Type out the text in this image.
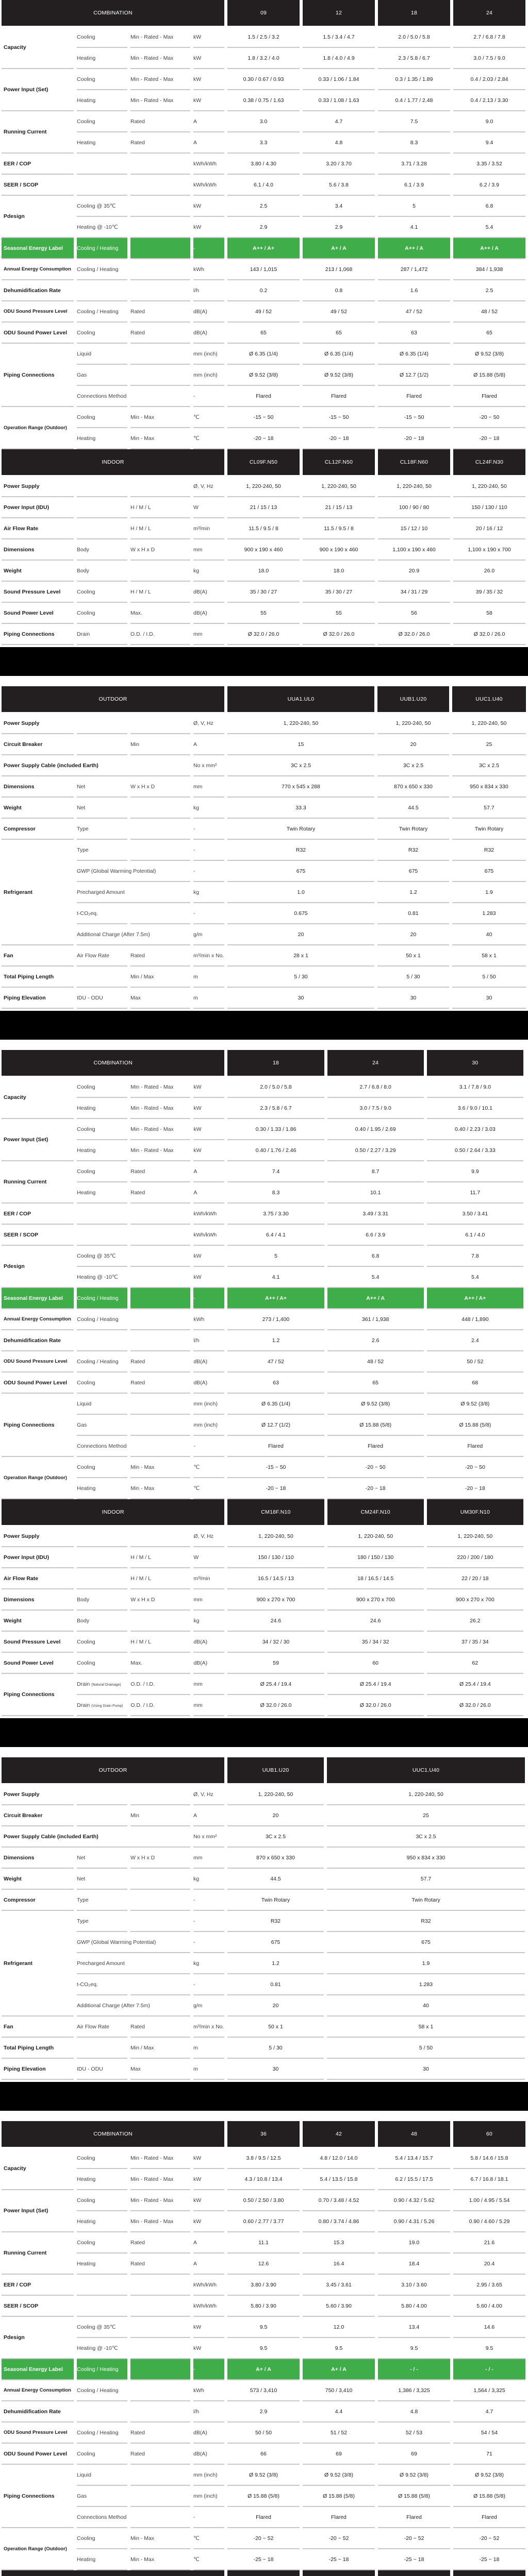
COMBINATION				09	12	18	24
Capacity	Cooling	Min - Rated - Max	kW	1.5 / 2.5 / 3.2	1.5 / 3.4 / 4.7	2.0 / 5.0 / 5.8	2.7 / 6.8 / 7.8
	Heating	Min - Rated - Max	kW	1.8 / 3.2 / 4.0	1.8 / 4.0 / 4.9	2.3 / 5.8 / 6.7	3.0 / 7.5 / 9.0
Power Input (Set)	Cooling	Min - Rated - Max	kW	0.30 / 0.67 / 0.93	0.33 / 1.06 / 1.84	0.3 / 1.35 / 1.89	0.4 / 2.03 / 2.84
	Heating	Min - Rated - Max	kW	0.38 / 0.75 / 1.63	0.33 / 1.08 / 1.63	0.4 / 1.77 / 2.48	0.4 / 2.13 / 3.30
Running Current	Cooling	Rated	A	3.0	4.7	7.5	9.0
	Heating	Rated	A	3.3	4.8	8.3	9.4
EER / COP			kWh/kWh	3.80 / 4.30	3.20 / 3.70	3.71 / 3.28	3.35 / 3.52
SEER / SCOP			kWh/kWh	6.1 / 4.0	5.6 / 3.8	6.1 / 3.9	6.2 / 3.9
Pdesign	Cooling @ 35℃		kW	2.5	3.4	5	6.8
	Heating @ -10℃		kW	2.9	2.9	4.1	5.4
Seasonal Energy Label	Cooling / Heating		-	A++ / A+	A+ / A	A++ / A	A++ / A
Annual Energy Consumption	Cooling / Heating		kWh	143 / 1,015	213 / 1,068	287 / 1,472	384 / 1,938
Dehumidification Rate			l/h	0.2	0.8	1.6	2.5
ODU Sound Pressure Level	Cooling / Heating	Rated	dB(A)	49 / 52	49 / 52	47 / 52	48 / 52
ODU Sound Power Level	Cooling	Rated	dB(A)	65	65	63	65
Piping Connections	Liquid		mm (inch)	Ø 6.35 (1/4)	Ø 6.35 (1/4)	Ø 6.35 (1/4)	Ø 9.52 (3/8)
	Gas		mm (inch)	Ø 9.52 (3/8)	Ø 9.52 (3/8)	Ø 12.7 (1/2)	Ø 15.88 (5/8)
	Connections Method		-	Flared	Flared	Flared	Flared
Operation Range (Outdoor)	Cooling	Min - Max	℃	-15 ~ 50	-15 ~ 50	-15 ~ 50	-20 ~ 50
	Heating	Min - Max	℃	-20 ~ 18	-20 ~ 18	-20 ~ 18	-20 ~ 18
INDOOR				CL09F.N50	CL12F.N50	CL18F.N60	CL24F.N30
Power Supply			Ø, V, Hz	1, 220-240, 50	1, 220-240, 50	1, 220-240, 50	1, 220-240, 50
Power Input (IDU)		H / M / L	W	21 / 15 / 13	21 / 15 / 13	100 / 90 / 80	150 / 130 / 110
Air Flow Rate		H / M / L	m³/min	11.5 / 9.5 / 8	11.5 / 9.5 / 8	15 / 12 / 10	20 / 16 / 12
Dimensions	Body	W x H x D	mm	900 x 190 x 460	900 x 190 x 460	1,100 x 190 x 460	1,100 x 190 x 700
Weight	Body		kg	18.0	18.0	20.9	26.0
Sound Pressure Level	Cooling	H / M / L	dB(A)	35 / 30 / 27	35 / 30 / 27	34 / 31 / 29	39 / 35 / 32
Sound Power Level	Cooling	Max.	dB(A)	55	55	56	58
Piping Connections	Drain	O.D. / I.D.	mm	Ø 32.0 / 26.0	Ø 32.0 / 26.0	Ø 32.0 / 26.0	Ø 32.0 / 26.0
OUTDOOR				UUA1.UL0	UUB1.U20	UUC1.U40
Power Supply			Ø, V, Hz	1, 220-240, 50	1, 220-240, 50	1, 220-240, 50
Circuit Breaker		Min	A	15	20	25
Power Supply Cable (included Earth)			No x mm²	3C x 2.5	3C x 2.5	3C x 2.5
Dimensions	Net	W x H x D	mm	770 x 545 x 288	870 x 650 x 330	950 x 834 x 330
Weight	Net		kg	33.3	44.5	57.7
Compressor	Type		-	Twin Rotary	Twin Rotary	Twin Rotary
Refrigerant	Type		-	R32	R32	R32
	GWP (Global Warming Potential)		-	675	675	675
	Precharged Amount		kg	1.0	1.2	1.9
	t-CO₂eq.		-	0.675	0.81	1.283
	Additional Charge (After 7.5m)		g/m	20	20	40
Fan	Air Flow Rate	Rated	m³/min x No.	28 x 1	50 x 1	58 x 1
Total Piping Length		Min / Max	m	5 / 30	5 / 30	5 / 50
Piping Elevation	IDU - ODU	Max	m	30	30	30
COMBINATION				18	24	30
Capacity	Cooling	Min - Rated - Max	kW	2.0 / 5.0 / 5.8	2.7 / 6.8 / 8.0	3.1 / 7.8 / 9.0
	Heating	Min - Rated - Max	kW	2.3 / 5.8 / 6.7	3.0 / 7.5 / 9.0	3.6 / 9.0 / 10.1
Power Input (Set)	Cooling	Min - Rated - Max	kW	0.30 / 1.33 / 1.86	0.40 / 1.95 / 2.69	0.40 / 2.23 / 3.03
	Heating	Min - Rated - Max	kW	0.40 / 1.76 / 2.46	0.50 / 2.27 / 3.29	0.50 / 2.64 / 3.33
Running Current	Cooling	Rated	A	7.4	8.7	9.9
	Heating	Rated	A	8.3	10.1	11.7
EER / COP			kWh/kWh	3.75 / 3.30	3.49 / 3.31	3.50 / 3.41
SEER / SCOP			kWh/kWh	6.4 / 4.1	6.6 / 3.9	6.1 / 4.0
Pdesign	Cooling @ 35℃		kW	5	6.8	7.8
	Heating @ -10℃		kW	4.1	5.4	5.4
Seasonal Energy Label	Cooling / Heating		-	A++ / A+	A++ / A	A++ / A+
Annual Energy Consumption	Cooling / Heating		kWh	273 / 1,400	361 / 1,938	448 / 1,890
Dehumidification Rate			l/h	1.2	2.6	2.4
ODU Sound Pressure Level	Cooling / Heating	Rated	dB(A)	47 / 52	48 / 52	50 / 52
ODU Sound Power Level	Cooling	Rated	dB(A)	63	65	68
Piping Connections	Liquid		mm (inch)	Ø 6.35 (1/4)	Ø 9.52 (3/8)	Ø 9.52 (3/8)
	Gas		mm (inch)	Ø 12.7 (1/2)	Ø 15.88 (5/8)	Ø 15.88 (5/8)
	Connections Method		-	Flared	Flared	Flared
Operation Range (Outdoor)	Cooling	Min - Max	℃	-15 ~ 50	-20 ~ 50	-20 ~ 50
	Heating	Min - Max	℃	-20 ~ 18	-20 ~ 18	-20 ~ 18
INDOOR				CM18F.N10	CM24F.N10	UM30F.N10
Power Supply			Ø, V, Hz	1, 220-240, 50	1, 220-240, 50	1, 220-240, 50
Power Input (IDU)		H / M / L	W	150 / 130 / 110	180 / 150 / 130	220 / 200 / 180
Air Flow Rate		H / M / L	m³/min	16.5 / 14.5 / 13	18 / 16.5 / 14.5	22 / 20 / 18
Dimensions	Body	W x H x D	mm	900 x 270 x 700	900 x 270 x 700	900 x 270 x 700
Weight	Body		kg	24.6	24.6	26.2
Sound Pressure Level	Cooling	H / M / L	dB(A)	34 / 32 / 30	35 / 34 / 32	37 / 35 / 34
Sound Power Level	Cooling	Max.	dB(A)	59	60	62
Piping Connections	Drain (Natural Drainage)	O.D. / I.D.	mm	Ø 25.4 / 19.4	Ø 25.4 / 19.4	Ø 25.4 / 19.4
	Drain (Using Drain Pump)	O.D. / I.D.	mm	Ø 32.0 / 26.0	Ø 32.0 / 26.0	Ø 32.0 / 26.0
OUTDOOR				UUB1.U20	UUC1.U40
Power Supply			Ø, V, Hz	1, 220-240, 50	1, 220-240, 50
Circuit Breaker		Min	A	20	25
Power Supply Cable (included Earth)			No x mm²	3C x 2.5	3C x 2.5
Dimensions	Net	W x H x D	mm	870 x 650 x 330	950 x 834 x 330
Weight	Net		kg	44.5	57.7
Compressor	Type		-	Twin Rotary	Twin Rotary
Refrigerant	Type		-	R32	R32
	GWP (Global Warming Potential)		-	675	675
	Precharged Amount		kg	1.2	1.9
	t-CO₂eq.		-	0.81	1.283
	Additional Charge (After 7.5m)		g/m	20	40
Fan	Air Flow Rate	Rated	m³/min x No.	50 x 1	58 x 1
Total Piping Length		Min / Max	m	5 / 30	5 / 50
Piping Elevation	IDU - ODU	Max	m	30	30
COMBINATION				36	42	48	60
Capacity	Cooling	Min - Rated - Max	kW	3.8 / 9.5 / 12.5	4.8 / 12.0 / 14.0	5.4 / 13.4 / 15.7	5.8 / 14.6 / 15.8
	Heating	Min - Rated - Max	kW	4.3 / 10.8 / 13.4	5.4 / 13.5 / 15.8	6.2 / 15.5 / 17.5	6.7 / 16.8 / 18.1
Power Input (Set)	Cooling	Min - Rated - Max	kW	0.50 / 2.50 / 3.80	0.70 / 3.48 / 4.52	0.90 / 4.32 / 5.62	1.00 / 4.95 / 5.54
	Heating	Min - Rated - Max	kW	0.60 / 2.77 / 3.77	0.80 / 3.74 / 4.86	0.90 / 4.31 / 5.26	0.90 / 4.60 / 5.29
Running Current	Cooling	Rated	A	11.1	15.3	19.0	21.6
	Heating	Rated	A	12.6	16.4	18.4	20.4
EER / COP			kWh/kWh	3.80 / 3.90	3.45 / 3.61	3.10 / 3.60	2.95 / 3.65
SEER / SCOP			kWh/kWh	5.80 / 3.90	5.60 / 3.90	5.80 / 4.00	5.60 / 4.00
Pdesign	Cooling @ 35℃		kW	9.5	12.0	13.4	14.6
	Heating @ -10℃		kW	9.5	9.5	9.5	9.5
Seasonal Energy Label	Cooling / Heating		-	A+ / A	A+ / A	- / -	- / -
Annual Energy Consumption	Cooling / Heating		kWh	573 / 3,410	750 / 3,410	1,386 / 3,325	1,564 / 3,325
Dehumidification Rate			l/h	2.9	4.4	4.8	4.7
ODU Sound Pressure Level	Cooling / Heating	Rated	dB(A)	50 / 50	51 / 52	52 / 53	54 / 54
ODU Sound Power Level	Cooling	Rated	dB(A)	66	69	69	71
Piping Connections	Liquid		mm (inch)	Ø 9.52 (3/8)	Ø 9.52 (3/8)	Ø 9.52 (3/8)	Ø 9.52 (3/8)
	Gas		mm (inch)	Ø 15.88 (5/8)	Ø 15.88 (5/8)	Ø 15.88 (5/8)	Ø 15.88 (5/8)
	Connections Method		-	Flared	Flared	Flared	Flared
Operation Range (Outdoor)	Cooling	Min - Max	℃	-20 ~ 52	-20 ~ 52	-20 ~ 52	-20 ~ 52
	Heating	Min - Max	℃	-25 ~ 18	-25 ~ 18	-25 ~ 18	-25 ~ 18
